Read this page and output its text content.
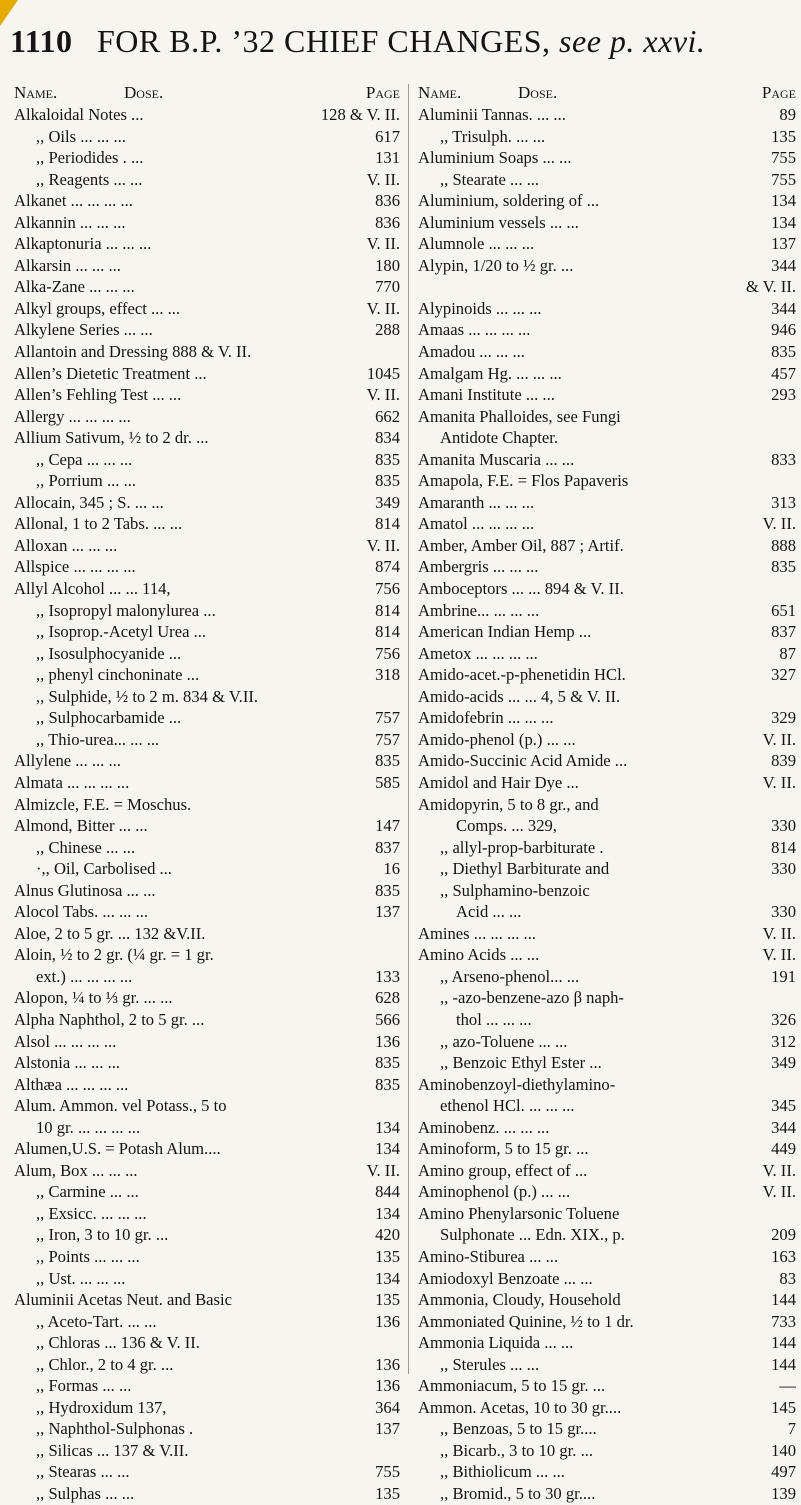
1110 FOR B.P. ’32 CHIEF CHANGES, see p. xxvi.
Name.	Dose.	Page
Alkaloidal Notes ...	128 & V. II.
,, Oils ... ... ...	617
,, Periodides . ...	131
,, Reagents ... ...	V. II.
Alkanet ... ... ... ...	836
Alkannin ... ... ...	836
Alkaptonuria ... ... ...	V. II.
Alkarsin ... ... ...	180
Alka-Zane ... ... ...	770
Alkyl groups, effect ... ...	V. II.
Alkylene Series ... ...	288
Allantoin and Dressing 888 & V. II.
Allen’s Dietetic Treatment ...	1045
Allen’s Fehling Test ... ...	V. II.
Allergy ... ... ... ...	662
Allium Sativum, ½ to 2 dr. ...	834
,, Cepa ... ... ...	835
,, Porrium ... ...	835
Allocain, 345 ; S. ... ...	349
Allonal, 1 to 2 Tabs. ... ...	814
Alloxan ... ... ...	V. II.
Allspice ... ... ... ...	874
Allyl Alcohol ... ... 114,	756
,, Isopropyl malonylurea ...	814
,, Isoprop.-Acetyl Urea ...	814
,, Isosulphocyanide ...	756
,, phenyl cinchoninate ...	318
,, Sulphide, ½ to 2 m. 834 & V.II.
,, Sulphocarbamide ...	757
,, Thio-urea... ... ...	757
Allylene ... ... ...	835
Almata ... ... ... ...	585
Almizcle, F.E. = Moschus.
Almond, Bitter ... ...	147
,, Chinese ... ...	837
·,, Oil, Carbolised ...	16
Alnus Glutinosa ... ...	835
Alocol Tabs. ... ... ...	137
Aloe, 2 to 5 gr. ... 132 &V.II.
Aloin, ½ to 2 gr. (¼ gr. = 1 gr.
ext.) ... ... ... ...	133
Alopon, ¼ to ⅓ gr. ... ...	628
Alpha Naphthol, 2 to 5 gr. ...	566
Alsol ... ... ... ...	136
Alstonia ... ... ...	835
Althæa ... ... ... ...	835
Alum. Ammon. vel Potass., 5 to
10 gr. ... ... ... ...	134
Alumen,U.S. = Potash Alum....	134
Alum, Box ... ... ...	V. II.
,, Carmine ... ...	844
,, Exsicc. ... ... ...	134
,, Iron, 3 to 10 gr. ...	420
,, Points ... ... ...	135
,, Ust. ... ... ...	134
Aluminii Acetas Neut. and Basic	135
,, Aceto-Tart. ... ...	136
,, Chloras ... 136 & V. II.
,, Chlor., 2 to 4 gr. ...	136
,, Formas ... ...	136
,, Hydroxidum 137,	364
,, Naphthol-Sulphonas .	137
,, Silicas ... 137 & V.II.
,, Stearas ... ...	755
,, Sulphas ... ...	135
Name.	Dose.	Page
Aluminii Tannas. ... ...	89
,, Trisulph. ... ...	135
Aluminium Soaps ... ...	755
,, Stearate ... ...	755
Aluminium, soldering of ...	134
Aluminium vessels ... ...	134
Alumnole ... ... ...	137
Alypin, 1/20 to ½ gr. ...	344
& V. II.
Alypinoids ... ... ...	344
Amaas ... ... ... ...	946
Amadou ... ... ...	835
Amalgam Hg. ... ... ...	457
Amani Institute ... ...	293
Amanita Phalloides, see Fungi
Antidote Chapter.
Amanita Muscaria ... ...	833
Amapola, F.E. = Flos Papaveris
Amaranth ... ... ...	313
Amatol ... ... ... ...	V. II.
Amber, Amber Oil, 887 ; Artif.	888
Ambergris ... ... ...	835
Amboceptors ... ... 894 & V. II.
Ambrine... ... ... ...	651
American Indian Hemp ...	837
Ametox ... ... ... ...	87
Amido-acet.-p-phenetidin HCl.	327
Amido-acids ... ... 4, 5 & V. II.
Amidofebrin ... ... ...	329
Amido-phenol (p.) ... ...	V. II.
Amido-Succinic Acid Amide ...	839
Amidol and Hair Dye ...	V. II.
Amidopyrin, 5 to 8 gr., and
Comps. ... 329,	330
,, allyl-prop-barbiturate .	814
,, Diethyl Barbiturate and	330
,, Sulphamino-benzoic
Acid ... ...	330
Amines ... ... ... ...	V. II.
Amino Acids ... ...	V. II.
,, Arseno-phenol... ...	191
,, -azo-benzene-azo β naph-
thol ... ... ...	326
,, azo-Toluene ... ...	312
,, Benzoic Ethyl Ester ...	349
Aminobenzoyl-diethylamino-
ethenol HCl. ... ... ...	345
Aminobenz. ... ... ...	344
Aminoform, 5 to 15 gr. ...	449
Amino group, effect of ...	V. II.
Aminophenol (p.) ... ...	V. II.
Amino Phenylarsonic Toluene
Sulphonate ... Edn. XIX., p.	209
Amino-Stiburea ... ...	163
Amiodoxyl Benzoate ... ...	83
Ammonia, Cloudy, Household	144
Ammoniated Quinine, ½ to 1 dr.	733
Ammonia Liquida ... ...	144
,, Sterules ... ...	144
Ammoniacum, 5 to 15 gr. ...	—
Ammon. Acetas, 10 to 30 gr....	145
,, Benzoas, 5 to 15 gr....	7
,, Bicarb., 3 to 10 gr. ...	140
,, Bithiolicum ... ...	497
,, Bromid., 5 to 30 gr....	139
